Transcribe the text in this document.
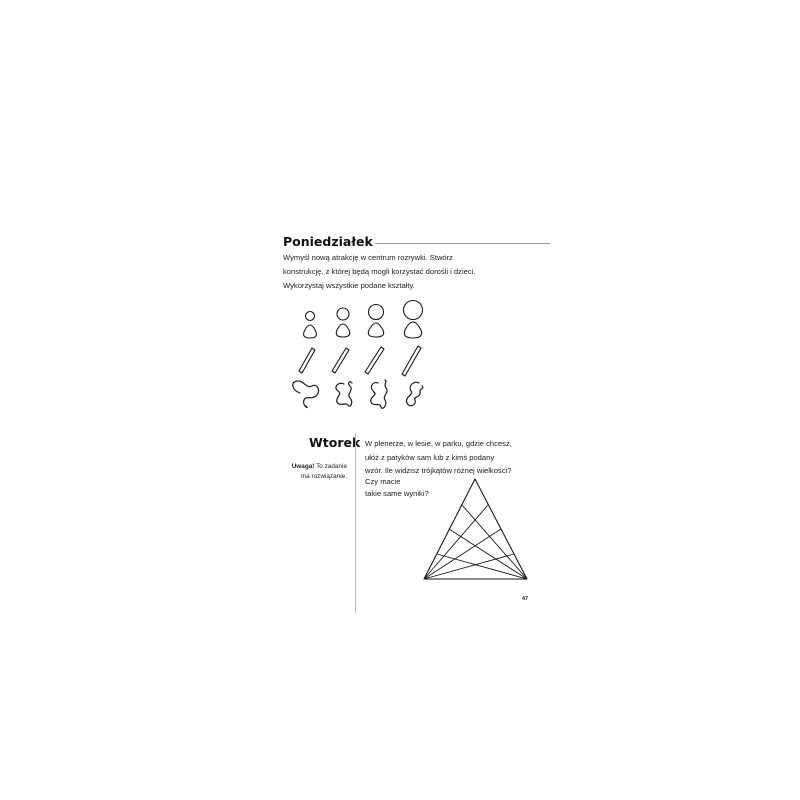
Poniedziałek
Wymyśl nową atrakcję w centrum rozrywki. Stwórz
konstrukcję, z której będą mogli korzystać dorośli i dzieci.
Wykorzystaj wszystkie podane kształty.
Wtorek
Uwaga! To zadanie
ma rozwiązanie.
W plenerze, w lesie, w parku, gdzie chcesz,
ułóż z patyków sam lub z kimś podany
wzór. Ile widzisz trójkątów różnej wielkości?
Czy macie
takie same wyniki?
47
